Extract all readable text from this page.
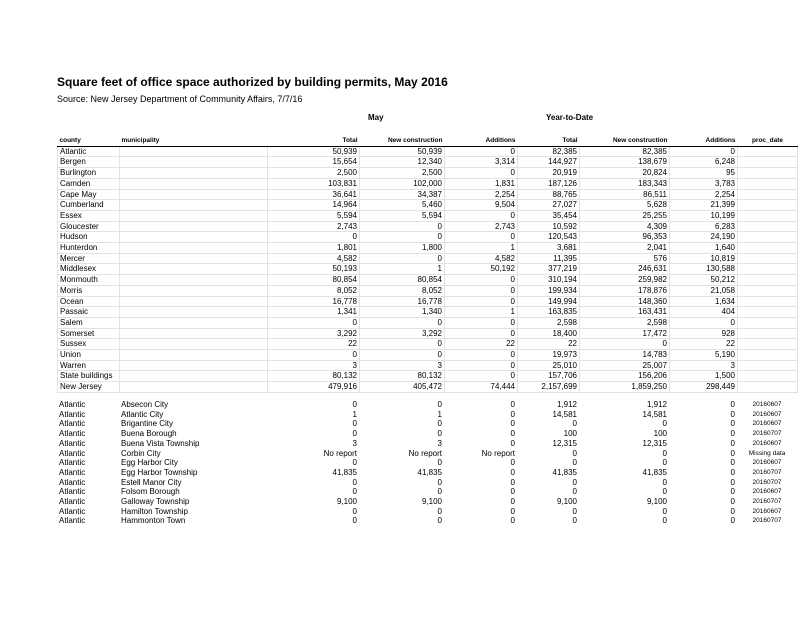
Square feet of office space authorized by building permits, May 2016
Source: New Jersey Department of Community Affairs, 7/7/16
May	Year-to-Date
county	municipality	Total	New construction	Additions	Total	New construction	Additions	proc_date
Atlantic		50,939	50,939	0	82,385	82,385	0	
Bergen		15,654	12,340	3,314	144,927	138,679	6,248	
Burlington		2,500	2,500	0	20,919	20,824	95	
Camden		103,831	102,000	1,831	187,126	183,343	3,783	
Cape May		36,641	34,387	2,254	88,765	86,511	2,254	
Cumberland		14,964	5,460	9,504	27,027	5,628	21,399	
Essex		5,594	5,594	0	35,454	25,255	10,199	
Gloucester		2,743	0	2,743	10,592	4,309	6,283	
Hudson		0	0	0	120,543	96,353	24,190	
Hunterdon		1,801	1,800	1	3,681	2,041	1,640	
Mercer		4,582	0	4,582	11,395	576	10,819	
Middlesex		50,193	1	50,192	377,219	246,631	130,588	
Monmouth		80,854	80,854	0	310,194	259,982	50,212	
Morris		8,052	8,052	0	199,934	178,876	21,058	
Ocean		16,778	16,778	0	149,994	148,360	1,634	
Passaic		1,341	1,340	1	163,835	163,431	404	
Salem		0	0	0	2,598	2,598	0	
Somerset		3,292	3,292	0	18,400	17,472	928	
Sussex		22	0	22	22	0	22	
Union		0	0	0	19,973	14,783	5,190	
Warren		3	3	0	25,010	25,007	3	
State buildings		80,132	80,132	0	157,706	156,206	1,500	
New Jersey		479,916	405,472	74,444	2,157,699	1,859,250	298,449	
Atlantic	Absecon City	0	0	0	1,912	1,912	0	20160607
Atlantic	Atlantic City	1	1	0	14,581	14,581	0	20160607
Atlantic	Brigantine City	0	0	0	0	0	0	20160607
Atlantic	Buena Borough	0	0	0	100	100	0	20160707
Atlantic	Buena Vista Township	3	3	0	12,315	12,315	0	20160607
Atlantic	Corbin City	No report	No report	No report	0	0	0	Missing data
Atlantic	Egg Harbor City	0	0	0	0	0	0	20160607
Atlantic	Egg Harbor Township	41,835	41,835	0	41,835	41,835	0	20160707
Atlantic	Estell Manor City	0	0	0	0	0	0	20160707
Atlantic	Folsom Borough	0	0	0	0	0	0	20160607
Atlantic	Galloway Township	9,100	9,100	0	9,100	9,100	0	20160707
Atlantic	Hamilton Township	0	0	0	0	0	0	20160607
Atlantic	Hammonton Town	0	0	0	0	0	0	20160707
